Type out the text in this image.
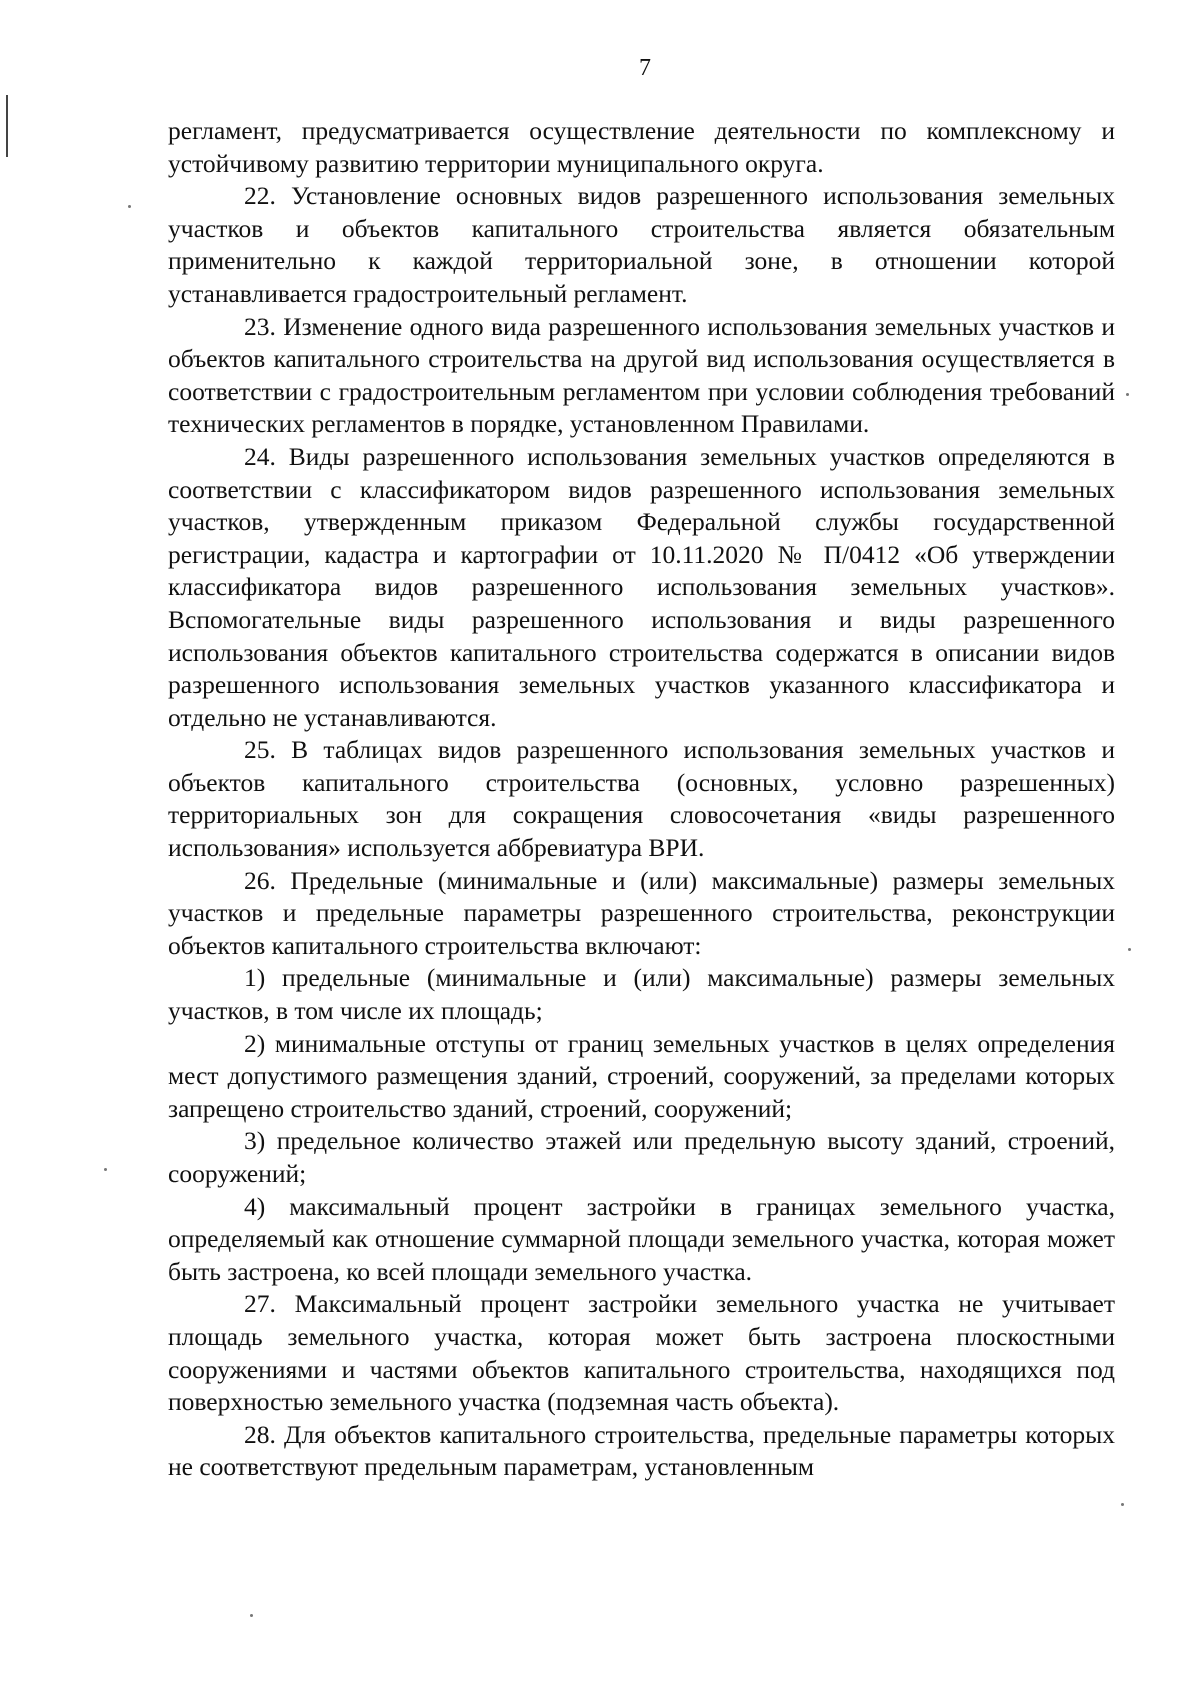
7

регламент, предусматривается осуществление деятельности по комплексному и устойчивому развитию территории муниципального округа.

22. Установление основных видов разрешенного использования земельных участков и объектов капитального строительства является обязательным применительно к каждой территориальной зоне, в отношении которой устанавливается градостроительный регламент.

23. Изменение одного вида разрешенного использования земельных участков и объектов капитального строительства на другой вид использования осуществляется в соответствии с градостроительным регламентом при условии соблюдения требований технических регламентов в порядке, установленном Правилами.

24. Виды разрешенного использования земельных участков определяются в соответствии с классификатором видов разрешенного использования земельных участков, утвержденным приказом Федеральной службы государственной регистрации, кадастра и картографии от 10.11.2020 № П/0412 «Об утверждении классификатора видов разрешенного использования земельных участков». Вспомогательные виды разрешенного использования и виды разрешенного использования объектов капитального строительства содержатся в описании видов разрешенного использования земельных участков указанного классификатора и отдельно не устанавливаются.

25. В таблицах видов разрешенного использования земельных участков и объектов капитального строительства (основных, условно разрешенных) территориальных зон для сокращения словосочетания «виды разрешенного использования» используется аббревиатура ВРИ.

26. Предельные (минимальные и (или) максимальные) размеры земельных участков и предельные параметры разрешенного строительства, реконструкции объектов капитального строительства включают:

1) предельные (минимальные и (или) максимальные) размеры земельных участков, в том числе их площадь;

2) минимальные отступы от границ земельных участков в целях определения мест допустимого размещения зданий, строений, сооружений, за пределами которых запрещено строительство зданий, строений, сооружений;

3) предельное количество этажей или предельную высоту зданий, строений, сооружений;

4) максимальный процент застройки в границах земельного участка, определяемый как отношение суммарной площади земельного участка, которая может быть застроена, ко всей площади земельного участка.

27. Максимальный процент застройки земельного участка не учитывает площадь земельного участка, которая может быть застроена плоскостными сооружениями и частями объектов капитального строительства, находящихся под поверхностью земельного участка (подземная часть объекта).

28. Для объектов капитального строительства, предельные параметры которых не соответствуют предельным параметрам, установленным
